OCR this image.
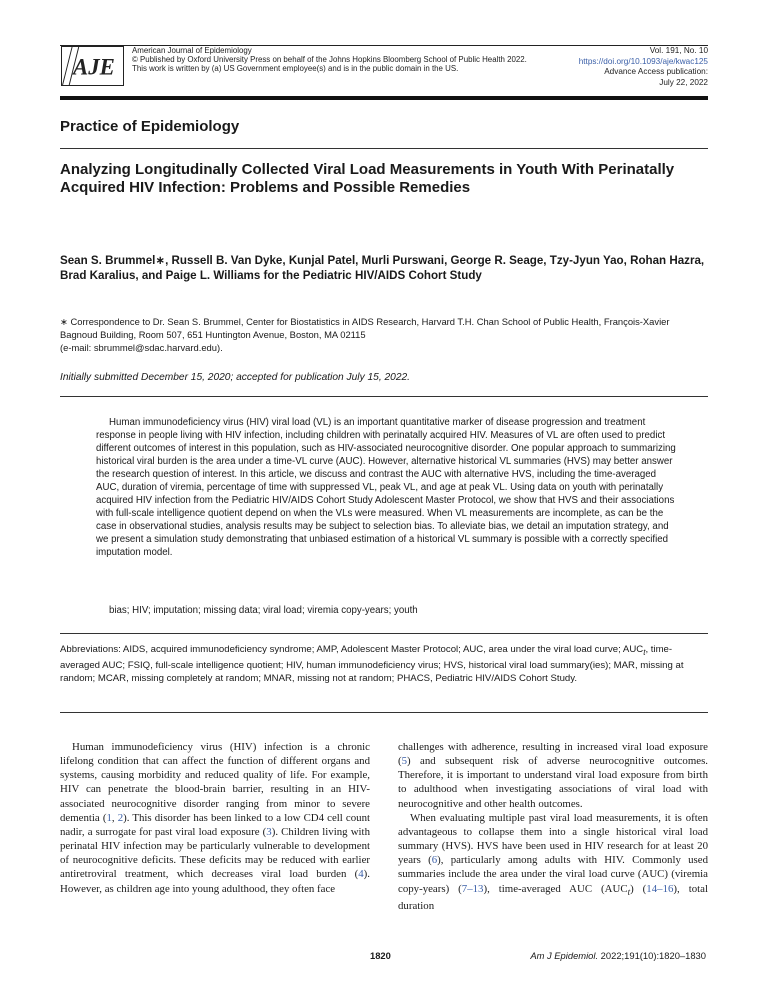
AJE
American Journal of Epidemiology
© Published by Oxford University Press on behalf of the Johns Hopkins Bloomberg School of Public Health 2022.
This work is written by (a) US Government employee(s) and is in the public domain in the US.
Vol. 191, No. 10
https://doi.org/10.1093/aje/kwac125
Advance Access publication:
July 22, 2022
Practice of Epidemiology
Analyzing Longitudinally Collected Viral Load Measurements in Youth With Perinatally Acquired HIV Infection: Problems and Possible Remedies
Sean S. Brummel∗, Russell B. Van Dyke, Kunjal Patel, Murli Purswani, George R. Seage, Tzy-Jyun Yao, Rohan Hazra, Brad Karalius, and Paige L. Williams for the Pediatric HIV/AIDS Cohort Study
∗ Correspondence to Dr. Sean S. Brummel, Center for Biostatistics in AIDS Research, Harvard T.H. Chan School of Public Health, François-Xavier Bagnoud Building, Room 507, 651 Huntington Avenue, Boston, MA 02115
(e-mail: sbrummel@sdac.harvard.edu).
Initially submitted December 15, 2020; accepted for publication July 15, 2022.
Human immunodeficiency virus (HIV) viral load (VL) is an important quantitative marker of disease progression and treatment response in people living with HIV infection, including children with perinatally acquired HIV. Measures of VL are often used to predict different outcomes of interest in this population, such as HIV-associated neurocognitive disorder. One popular approach to summarizing historical viral burden is the area under a time-VL curve (AUC). However, alternative historical VL summaries (HVS) may better answer the research question of interest. In this article, we discuss and contrast the AUC with alternative HVS, including the time-averaged AUC, duration of viremia, percentage of time with suppressed VL, peak VL, and age at peak VL. Using data on youth with perinatally acquired HIV infection from the Pediatric HIV/AIDS Cohort Study Adolescent Master Protocol, we show that HVS and their associations with full-scale intelligence quotient depend on when the VLs were measured. When VL measurements are incomplete, as can be the case in observational studies, analysis results may be subject to selection bias. To alleviate bias, we detail an imputation strategy, and we present a simulation study demonstrating that unbiased estimation of a historical VL summary is possible with a correctly specified imputation model.
bias; HIV; imputation; missing data; viral load; viremia copy-years; youth
Abbreviations: AIDS, acquired immunodeficiency syndrome; AMP, Adolescent Master Protocol; AUC, area under the viral load curve; $AUC_t$, time-averaged AUC; FSIQ, full-scale intelligence quotient; HIV, human immunodeficiency virus; HVS, historical viral load summary(ies); MAR, missing at random; MCAR, missing completely at random; MNAR, missing not at random; PHACS, Pediatric HIV/AIDS Cohort Study.

Human immunodeficiency virus (HIV) infection is a chronic lifelong condition that can affect the function of different organs and systems, causing morbidity and reduced quality of life. For example, HIV can penetrate the blood-brain barrier, resulting in an HIV-associated neurocognitive disorder ranging from minor to severe dementia (1, 2). This disorder has been linked to a low CD4 cell count nadir, a surrogate for past viral load exposure (3). Children living with perinatal HIV infection may be particularly vulnerable to development of neurocognitive deficits. These deficits may be reduced with earlier antiretroviral treatment, which decreases viral load burden (4). However, as children age into young adulthood, they often face

challenges with adherence, resulting in increased viral load exposure (5) and subsequent risk of adverse neurocognitive outcomes. Therefore, it is important to understand viral load exposure from birth to adulthood when investigating associations of viral load with neurocognitive and other health outcomes.

When evaluating multiple past viral load measurements, it is often advantageous to collapse them into a single historical viral load summary (HVS). HVS have been used in HIV research for at least 20 years (6), particularly among adults with HIV. Commonly used summaries include the area under the viral load curve (AUC) (viremia copy-years) (7–13), time-averaged AUC $(AUC_t)$ (14–16), total duration

1820	Am J Epidemiol. 2022;191(10):1820–1830
